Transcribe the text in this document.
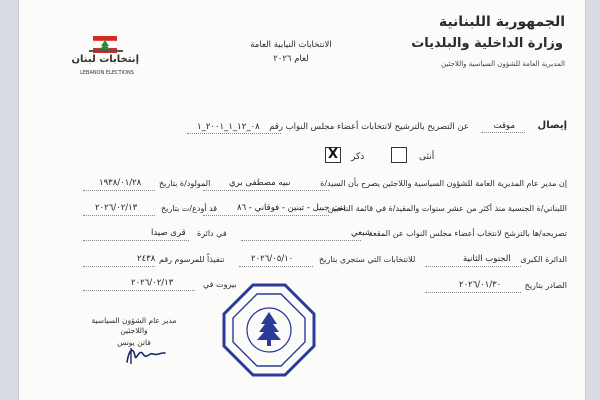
الجمهورية اللبنانية
وزارة الداخلية والبلديات
المديرية العامة للشؤون السياسية واللاجئين
الانتخابات النيابية العامة
لعام ٢٠٢٦
إنتخابات لبنان
LEBANON ELECTIONS
إيصال
موقت
عن التصريح بالترشيح لانتخابات أعضاء مجلس النواب رقم
٠٨_١٢_١_٢٠٠١_١
أنثى
ذكر
X
إن مدير عام المديرية العامة للشؤون السياسية واللاجئين يصرح بأن السيد/ة
نبيه مصطفى بري
المولود/ة بتاريخ
١٩٣٨/٠١/٢٨
اللبناني/ة الجنسية منذ أكثر من عشر سنوات والمقيد/ة في قائمة الناخبين
بنت جبيل - تبنين - فوقاني - ٨٦
قد أودع/ت بتاريخ
٢٠٢٦/٠٢/١٣
تصريحه/ها بالترشح لانتخاب أعضاء مجلس النواب عن المقعد
شيعي
في دائرة
قرى صيدا
الدائرة الكبرى
الجنوب الثانية
للانتخابات التي ستجري بتاريخ
٢٠٢٦/٠٥/١٠
تنفيذاً للمرسوم رقم
٢٤٣٨
الصادر بتاريخ
٢٠٢٦/٠١/٣٠
بيروت في
٢٠٢٦/٠٢/١٣
مدير عام الشؤون السياسية واللاجئين
فاتن يونس
